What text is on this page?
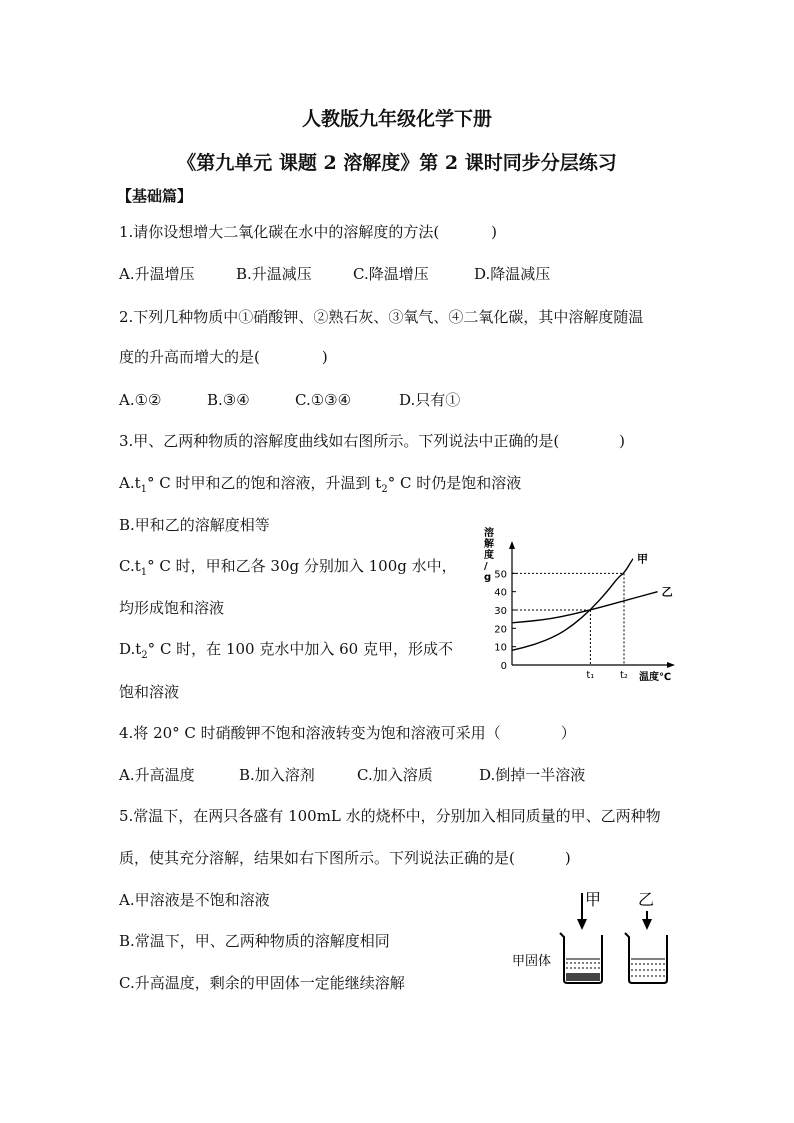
人教版九年级化学下册
《第九单元 课题 2 溶解度》第 2 课时同步分层练习
【基础篇】
1.请你设想增大二氧化碳在水中的溶解度的方法(	)
A.升温增压	B.升温减压	C.降温增压	D.降温减压
2.下列几种物质中①硝酸钾、②熟石灰、③氧气、④二氧化碳，其中溶解度随温
度的升高而增大的是(	)
A.①②	B.③④	C.①③④	D.只有①
3.甲、乙两种物质的溶解度曲线如右图所示。下列说法中正确的是(	)
$A.t_1^\circ$ C 时甲和乙的饱和溶液，升温到 $t_2^\circ$ C 时仍是饱和溶液
B.甲和乙的溶解度相等
$C.t_1^\circ$ C 时，甲和乙各 30g 分别加入 100g 水中，
均形成饱和溶液
$D.t_2^\circ$ C 时，在 100 克水中加入 60 克甲，形成不
饱和溶液
0
10
20
30
40
50
溶
解
度
/
g
温度℃
t₁	t₂
甲
乙
4.将 20° C 时硝酸钾不饱和溶液转变为饱和溶液可采用（	）
A.升高温度	B.加入溶剂	C.加入溶质	D.倒掉一半溶液
5.常温下，在两只各盛有 100mL 水的烧杯中，分别加入相同质量的甲、乙两种物
质，使其充分溶解，结果如右下图所示。下列说法正确的是(	)
A.甲溶液是不饱和溶液
B.常温下，甲、乙两种物质的溶解度相同
C.升高温度，剩余的甲固体一定能继续溶解
甲 乙
甲固体
